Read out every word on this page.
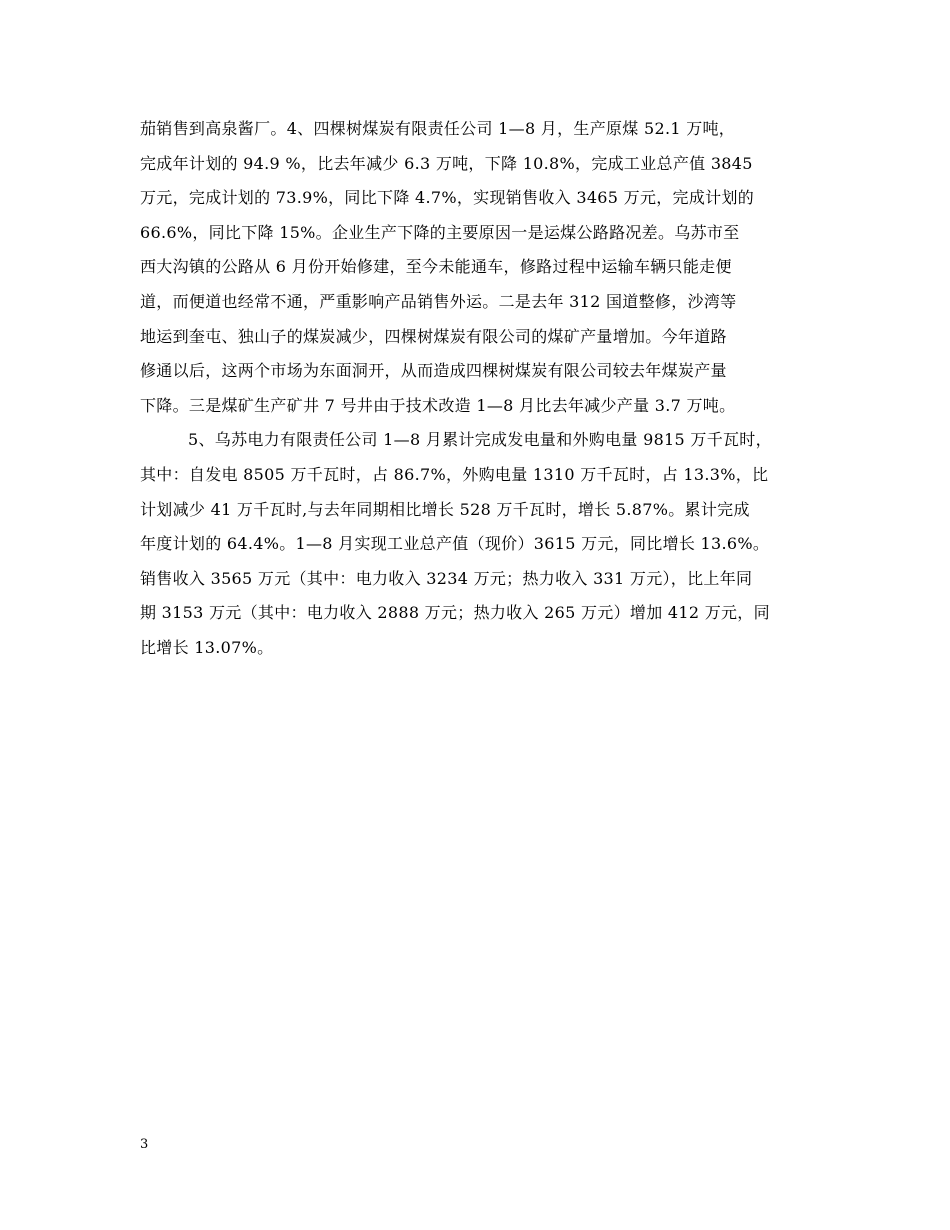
茄销售到高泉酱厂。4、四棵树煤炭有限责任公司 1—8 月，生产原煤 52.1 万吨，
完成年计划的 94.9 %，比去年减少 6.3 万吨，下降 10.8%，完成工业总产值 3845
万元，完成计划的 73.9%，同比下降 4.7%，实现销售收入 3465 万元，完成计划的
66.6%，同比下降 15%。企业生产下降的主要原因一是运煤公路路况差。乌苏市至
西大沟镇的公路从 6 月份开始修建，至今未能通车，修路过程中运输车辆只能走便
道，而便道也经常不通，严重影响产品销售外运。二是去年 312 国道整修，沙湾等
地运到奎屯、独山子的煤炭减少，四棵树煤炭有限公司的煤矿产量增加。今年道路
修通以后，这两个市场为东面洞开，从而造成四棵树煤炭有限公司较去年煤炭产量
下降。三是煤矿生产矿井 7 号井由于技术改造 1—8 月比去年减少产量 3.7 万吨。
5、乌苏电力有限责任公司 1—8 月累计完成发电量和外购电量 9815 万千瓦时，
其中：自发电 8505 万千瓦时，占 86.7%，外购电量 1310 万千瓦时，占 13.3%，比
计划减少 41 万千瓦时,与去年同期相比增长 528 万千瓦时，增长 5.87%。累计完成
年度计划的 64.4%。1—8 月实现工业总产值（现价）3615 万元，同比增长 13.6%。
销售收入 3565 万元（其中：电力收入 3234 万元；热力收入 331 万元），比上年同
期 3153 万元（其中：电力收入 2888 万元；热力收入 265 万元）增加 412 万元，同
比增长 13.07%。
3
